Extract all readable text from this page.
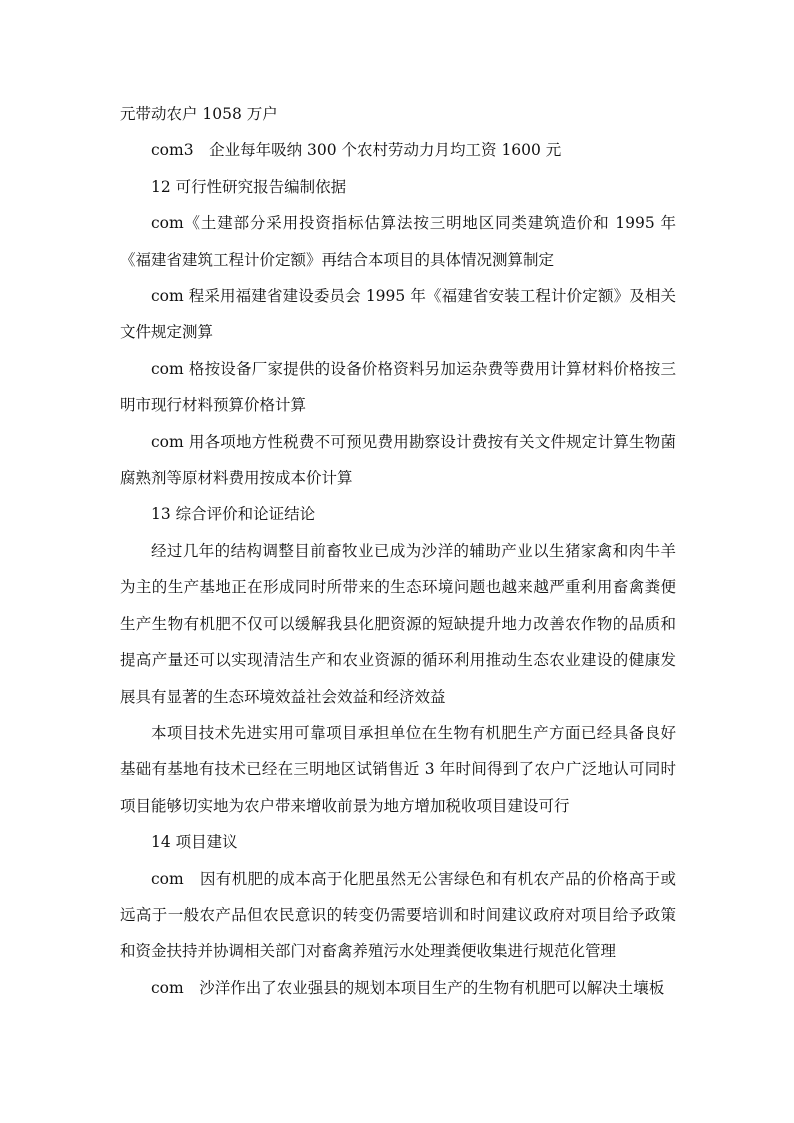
元带动农户 1058 万户

com3　企业每年吸纳 300 个农村劳动力月均工资 1600 元

12 可行性研究报告编制依据

com《土建部分采用投资指标估算法按三明地区同类建筑造价和 1995 年《福建省建筑工程计价定额》再结合本项目的具体情况测算制定

com 程采用福建省建设委员会 1995 年《福建省安装工程计价定额》及相关文件规定测算

com 格按设备厂家提供的设备价格资料另加运杂费等费用计算材料价格按三明市现行材料预算价格计算

com 用各项地方性税费不可预见费用勘察设计费按有关文件规定计算生物菌腐熟剂等原材料费用按成本价计算

13 综合评价和论证结论

经过几年的结构调整目前畜牧业已成为沙洋的辅助产业以生猪家禽和肉牛羊为主的生产基地正在形成同时所带来的生态环境问题也越来越严重利用畜禽粪便生产生物有机肥不仅可以缓解我县化肥资源的短缺提升地力改善农作物的品质和提高产量还可以实现清洁生产和农业资源的循环利用推动生态农业建设的健康发展具有显著的生态环境效益社会效益和经济效益

本项目技术先进实用可靠项目承担单位在生物有机肥生产方面已经具备良好基础有基地有技术已经在三明地区试销售近 3 年时间得到了农户广泛地认可同时项目能够切实地为农户带来增收前景为地方增加税收项目建设可行

14 项目建议

com　因有机肥的成本高于化肥虽然无公害绿色和有机农产品的价格高于或远高于一般农产品但农民意识的转变仍需要培训和时间建议政府对项目给予政策和资金扶持并协调相关部门对畜禽养殖污水处理粪便收集进行规范化管理

com　沙洋作出了农业强县的规划本项目生产的生物有机肥可以解决土壤板
